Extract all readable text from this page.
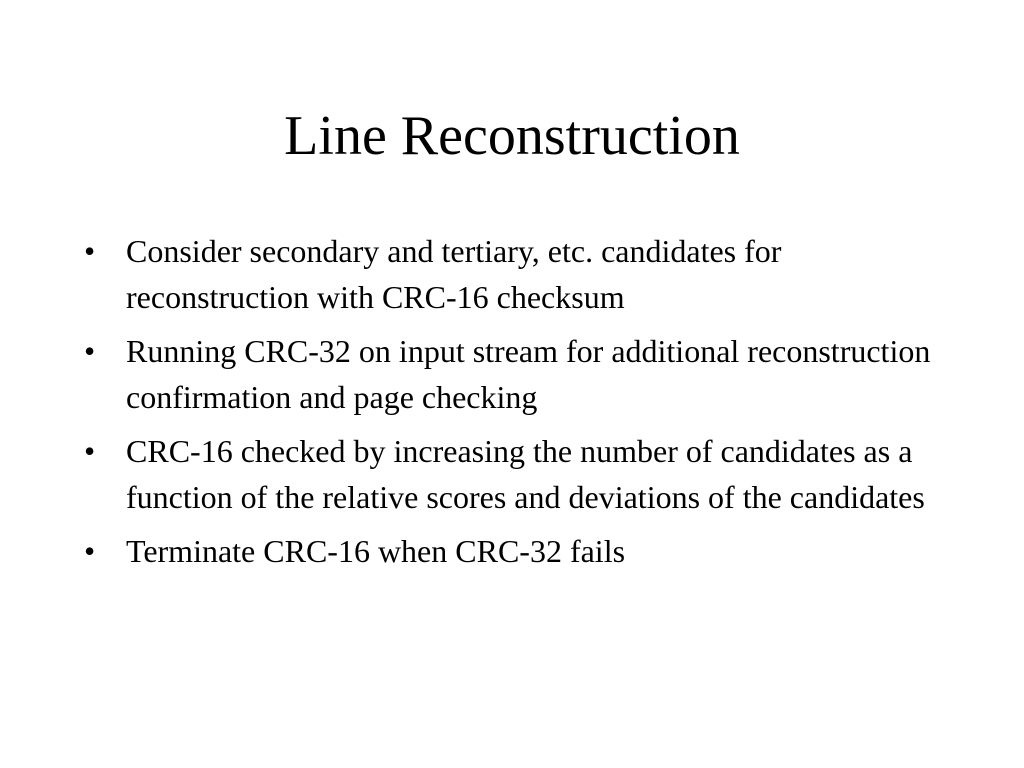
Line Reconstruction
• Consider secondary and tertiary, etc. candidates for reconstruction with CRC-16 checksum
• Running CRC-32 on input stream for additional reconstruction confirmation and page checking
• CRC-16 checked by increasing the number of candidates as a function of the relative scores and deviations of the candidates
• Terminate CRC-16 when CRC-32 fails
